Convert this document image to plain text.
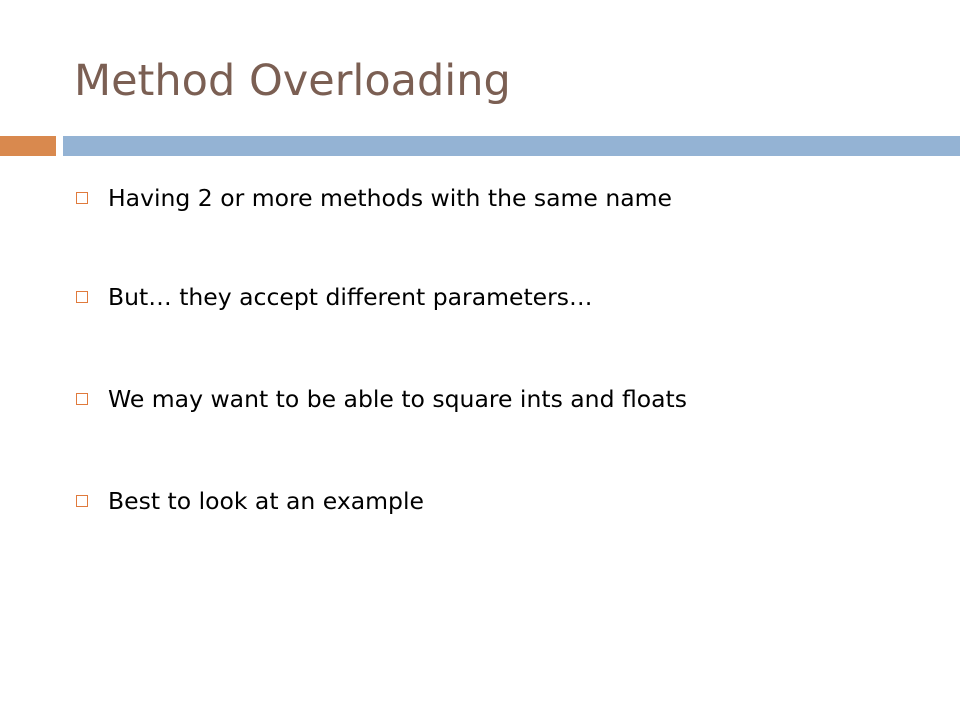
Method Overloading
Having 2 or more methods with the same name
But… they accept different parameters…
We may want to be able to square ints and floats
Best to look at an example
